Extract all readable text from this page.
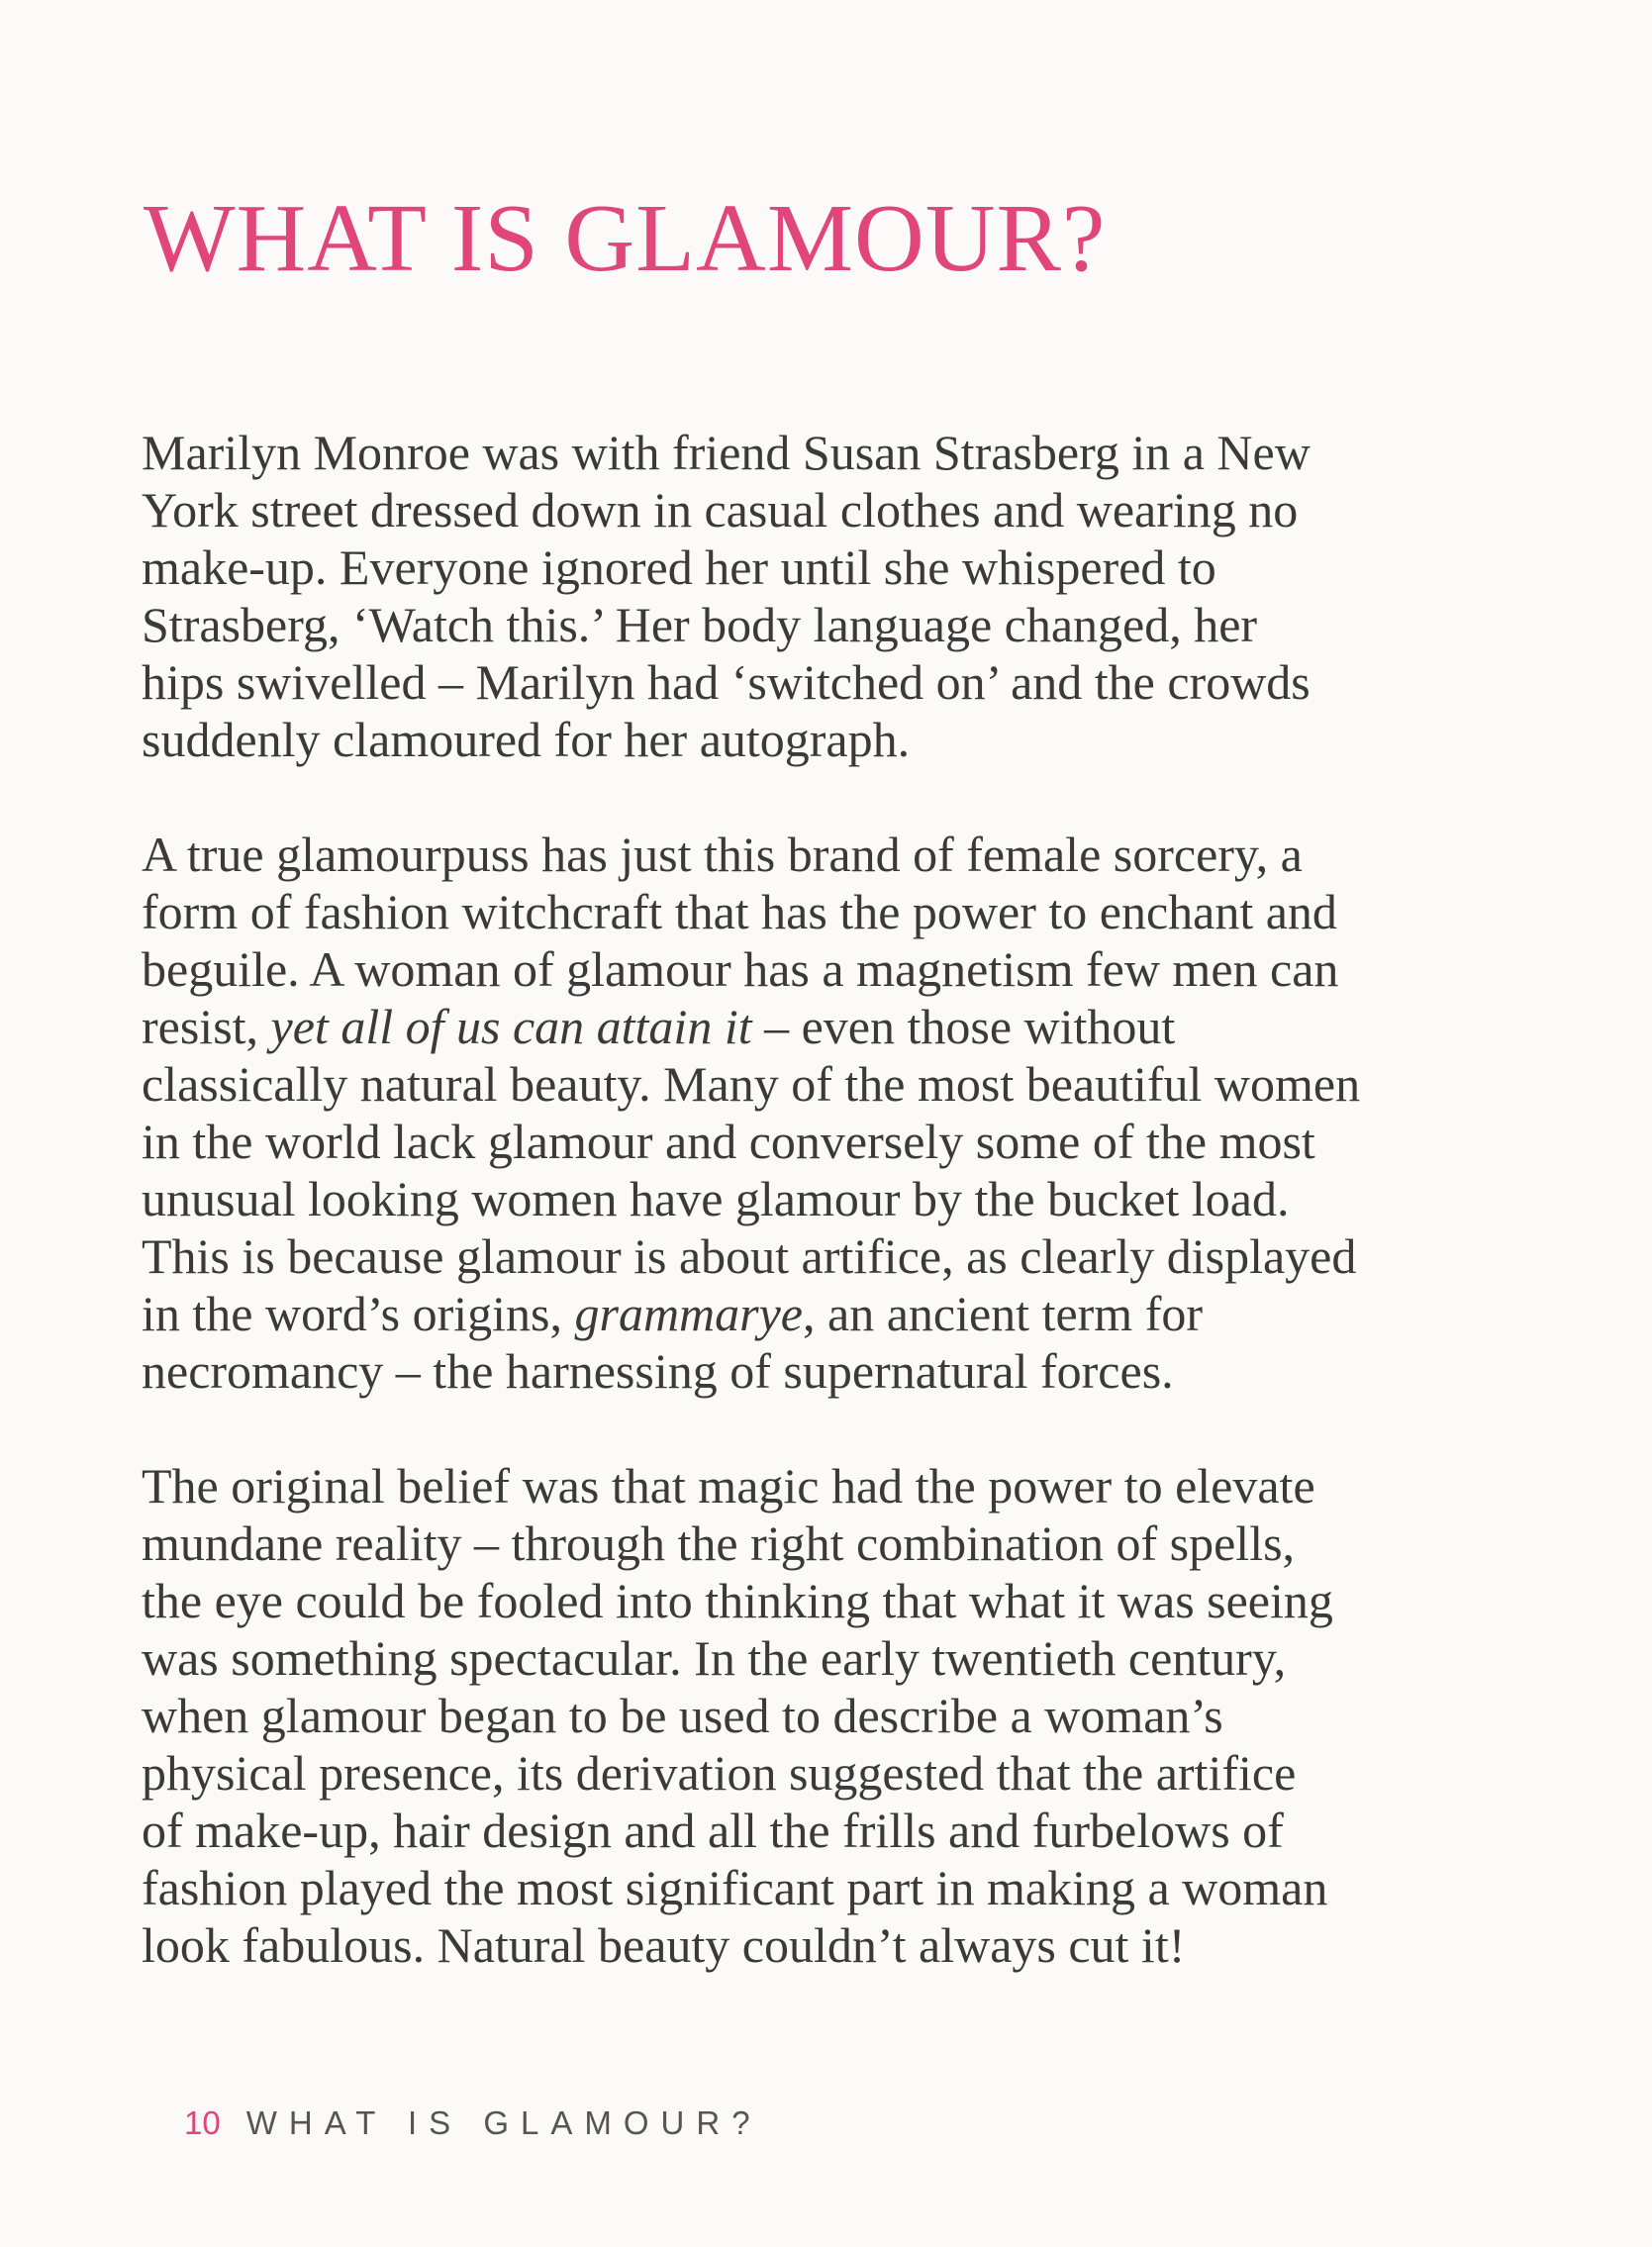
WHAT IS GLAMOUR?

Marilyn Monroe was with friend Susan Strasberg in a New
York street dressed down in casual clothes and wearing no
make-up. Everyone ignored her until she whispered to
Strasberg, ‘Watch this.’ Her body language changed, her
hips swivelled – Marilyn had ‘switched on’ and the crowds
suddenly clamoured for her autograph.

A true glamourpuss has just this brand of female sorcery, a
form of fashion witchcraft that has the power to enchant and
beguile. A woman of glamour has a magnetism few men can
resist, yet all of us can attain it – even those without
classically natural beauty. Many of the most beautiful women
in the world lack glamour and conversely some of the most
unusual looking women have glamour by the bucket load.
This is because glamour is about artifice, as clearly displayed
in the word’s origins, grammarye, an ancient term for
necromancy – the harnessing of supernatural forces.

The original belief was that magic had the power to elevate
mundane reality – through the right combination of spells,
the eye could be fooled into thinking that what it was seeing
was something spectacular. In the early twentieth century,
when glamour began to be used to describe a woman’s
physical presence, its derivation suggested that the artifice
of make-up, hair design and all the frills and furbelows of
fashion played the most significant part in making a woman
look fabulous. Natural beauty couldn’t always cut it!

10 WHAT IS GLAMOUR?
